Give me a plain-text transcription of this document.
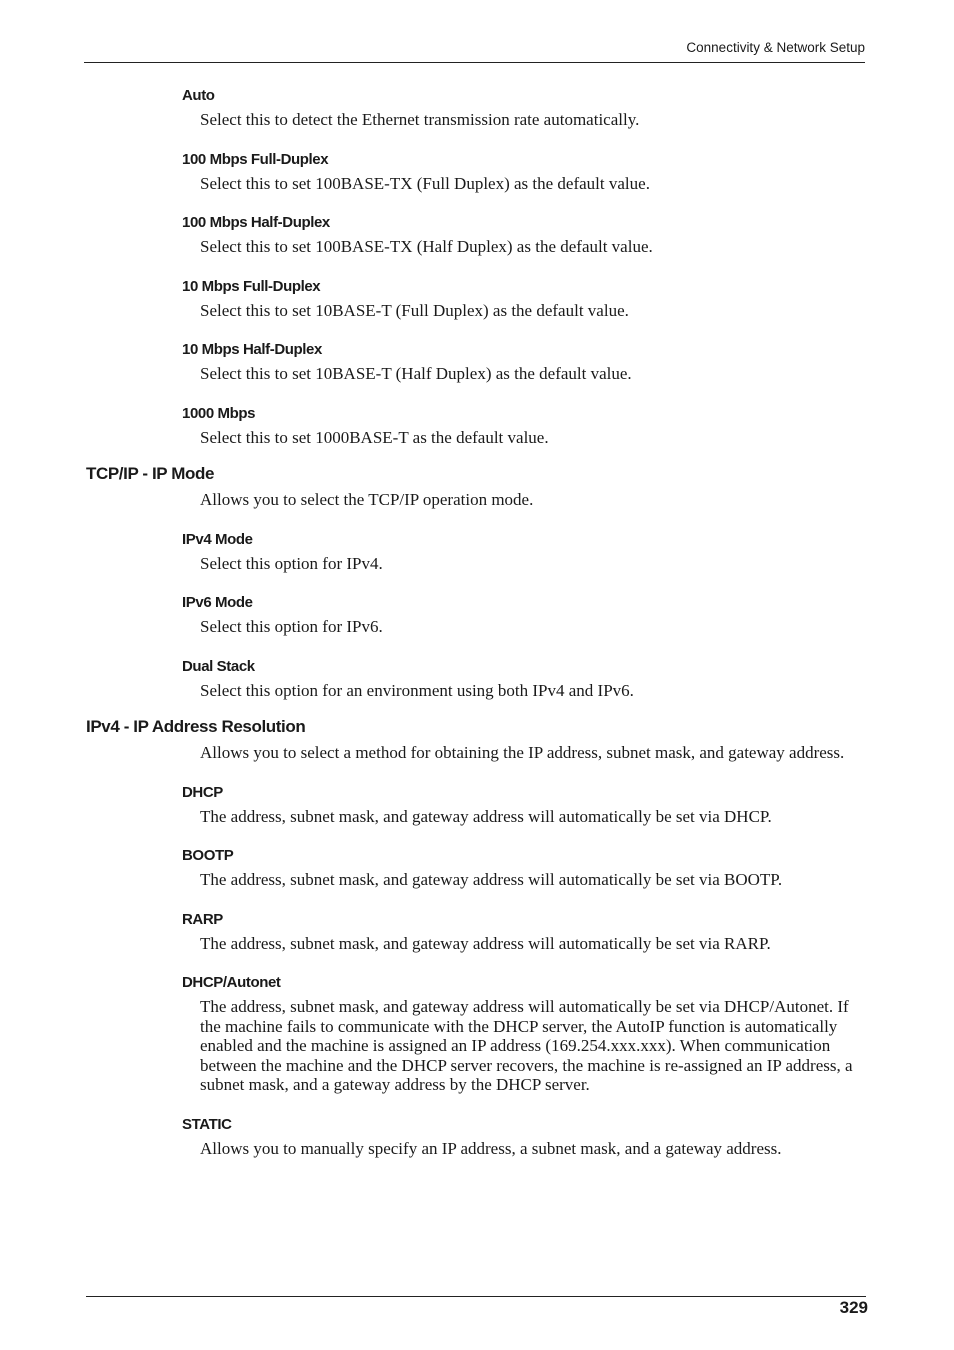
Connectivity & Network Setup
Auto
Select this to detect the Ethernet transmission rate automatically.
100 Mbps Full-Duplex
Select this to set 100BASE-TX (Full Duplex) as the default value.
100 Mbps Half-Duplex
Select this to set 100BASE-TX (Half Duplex) as the default value.
10 Mbps Full-Duplex
Select this to set 10BASE-T (Full Duplex) as the default value.
10 Mbps Half-Duplex
Select this to set 10BASE-T (Half Duplex) as the default value.
1000 Mbps
Select this to set 1000BASE-T as the default value.
TCP/IP - IP Mode
Allows you to select the TCP/IP operation mode.
IPv4 Mode
Select this option for IPv4.
IPv6 Mode
Select this option for IPv6.
Dual Stack
Select this option for an environment using both IPv4 and IPv6.
IPv4 - IP Address Resolution
Allows you to select a method for obtaining the IP address, subnet mask, and gateway address.
DHCP
The address, subnet mask, and gateway address will automatically be set via DHCP.
BOOTP
The address, subnet mask, and gateway address will automatically be set via BOOTP.
RARP
The address, subnet mask, and gateway address will automatically be set via RARP.
DHCP/Autonet
The address, subnet mask, and gateway address will automatically be set via DHCP/Autonet. If the machine fails to communicate with the DHCP server, the AutoIP function is automatically enabled and the machine is assigned an IP address (169.254.xxx.xxx). When communication between the machine and the DHCP server recovers, the machine is re-assigned an IP address, a subnet mask, and a gateway address by the DHCP server.
STATIC
Allows you to manually specify an IP address, a subnet mask, and a gateway address.
329
